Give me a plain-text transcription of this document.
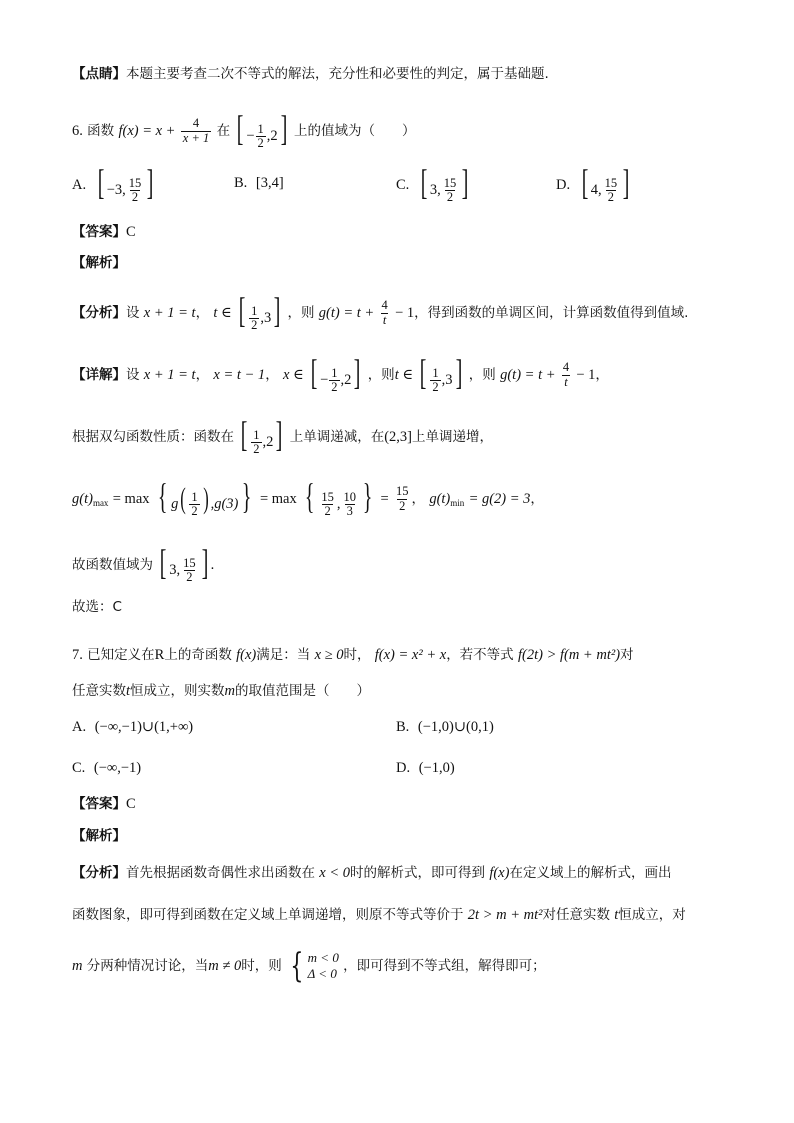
【点睛】本题主要考查二次不等式的解法，充分性和必要性的判定，属于基础题.
6. 函数 $f(x) = x + \frac{4}{x + 1}$ 在 [ − $\frac{1}{2} ,2$] 上的值域为（　　）
A. [ −3, $\frac{15}{2}$ ]	B. [3,4]	C. [ 3, $\frac{15}{2}$ ]	D. [ 4, $\frac{15}{2}$ ]
【答案】C
【解析】
【分析】设 x + 1 = t， t ∈ [ $\frac{1}{2} ,3$] ，则 $g(t) = t + \frac{4}{t} - 1$，得到函数的单调区间，计算函数值得到值域.
【详解】设 x + 1 = t， x = t − 1， x ∈ [ − $\frac{1}{2} ,2$] ，则t ∈ [ $\frac{1}{2} ,3$] ，则 $g(t) = t + \frac{4}{t} - 1$，
根据双勾函数性质：函数在 [ $\frac{1}{2} ,2$] 上单调递减，在(2,3]上单调递增，
$g(t)_{max} = \max$ { $g( \frac{1}{2}$ ) ,g(3) } = max { $\frac{15}{2}$ , $\frac{10}{3}$ } = $\frac{15}{2}$ ， $g(t)_{min} = g(2) = 3$，
故函数值域为 [ 3, $\frac{15}{2}$ ] .
故选：C
7. 已知定义在R上的奇函数 f(x)满足：当 x ≥ 0时， f(x) = x² + x，若不等式 f(2t) > f(m + mt²)对
任意实数t恒成立，则实数m的取值范围是（　　）
A. (−∞,−1)∪(1,+∞)	B. (−1,0)∪(0,1)
C. (−∞,−1)	D. (−1,0)
【答案】C
【解析】
【分析】首先根据函数奇偶性求出函数在 x < 0时的解析式，即可得到 f(x)在定义域上的解析式，画出
函数图象，即可得到函数在定义域上单调递增，则原不等式等价于 2t > m + mt²对任意实数 t恒成立，对
m 分两种情况讨论，当m ≠ 0时，则 { m < 0
Δ < 0 ，即可得到不等式组，解得即可；
